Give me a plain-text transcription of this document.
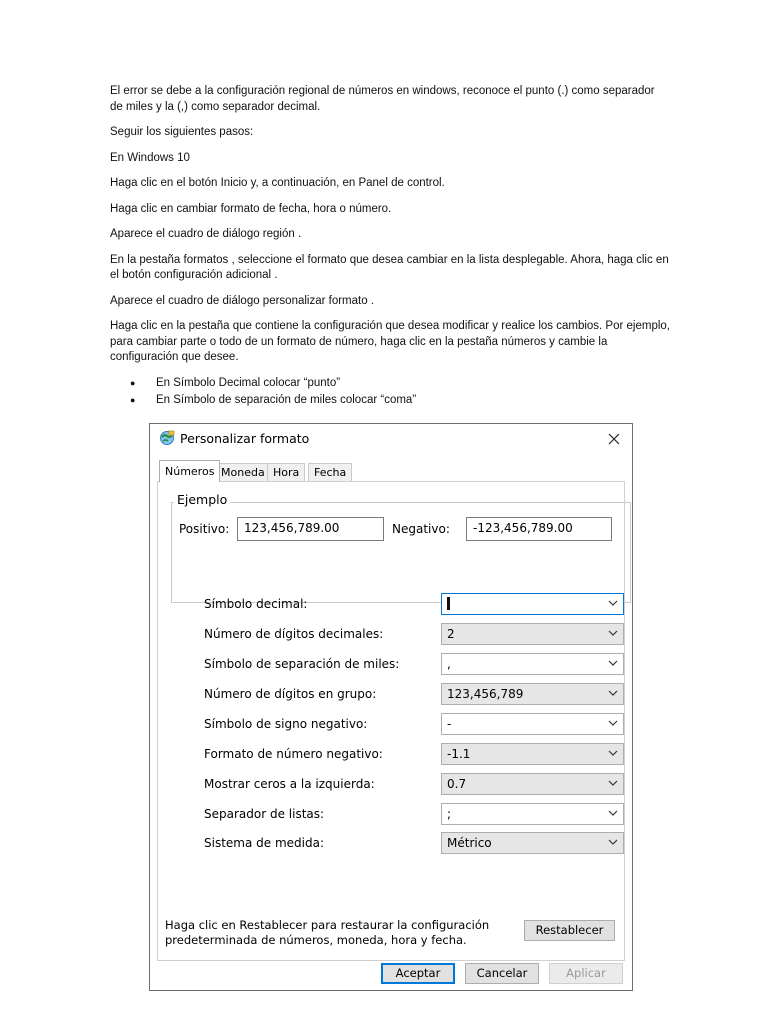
El error se debe a la configuración regional de números en windows, reconoce el punto (.) como separador de miles y la (,) como separador decimal.

Seguir los siguientes pasos:

En Windows 10

Haga clic en el botón Inicio y, a continuación, en Panel de control.

Haga clic en cambiar formato de fecha, hora o número.

Aparece el cuadro de diálogo región .

En la pestaña formatos , seleccione el formato que desea cambiar en la lista desplegable. Ahora, haga clic en el botón configuración adicional .

Aparece el cuadro de diálogo personalizar formato .

Haga clic en la pestaña que contiene la configuración que desea modificar y realice los cambios. Por ejemplo, para cambiar parte o todo de un formato de número, haga clic en la pestaña números y cambie la configuración que desee.

● En Símbolo Decimal colocar “punto”
● En Símbolo de separación de miles colocar “coma”
Personalizar formato
Números Moneda Hora	Fecha
Ejemplo
Positivo:	123,456,789.00	Negativo:	-123,456,789.00
Símbolo decimal:
Número de dígitos decimales:	2
Símbolo de separación de miles:	,
Número de dígitos en grupo:	123,456,789
Símbolo de signo negativo:	-
Formato de número negativo:	-1.1
Mostrar ceros a la izquierda:	0.7
Separador de listas:	;
Sistema de medida:	Métrico
Haga clic en Restablecer para restaurar la configuración predeterminada de números, moneda, hora y fecha.
Restablecer
Aceptar	Cancelar	Aplicar
